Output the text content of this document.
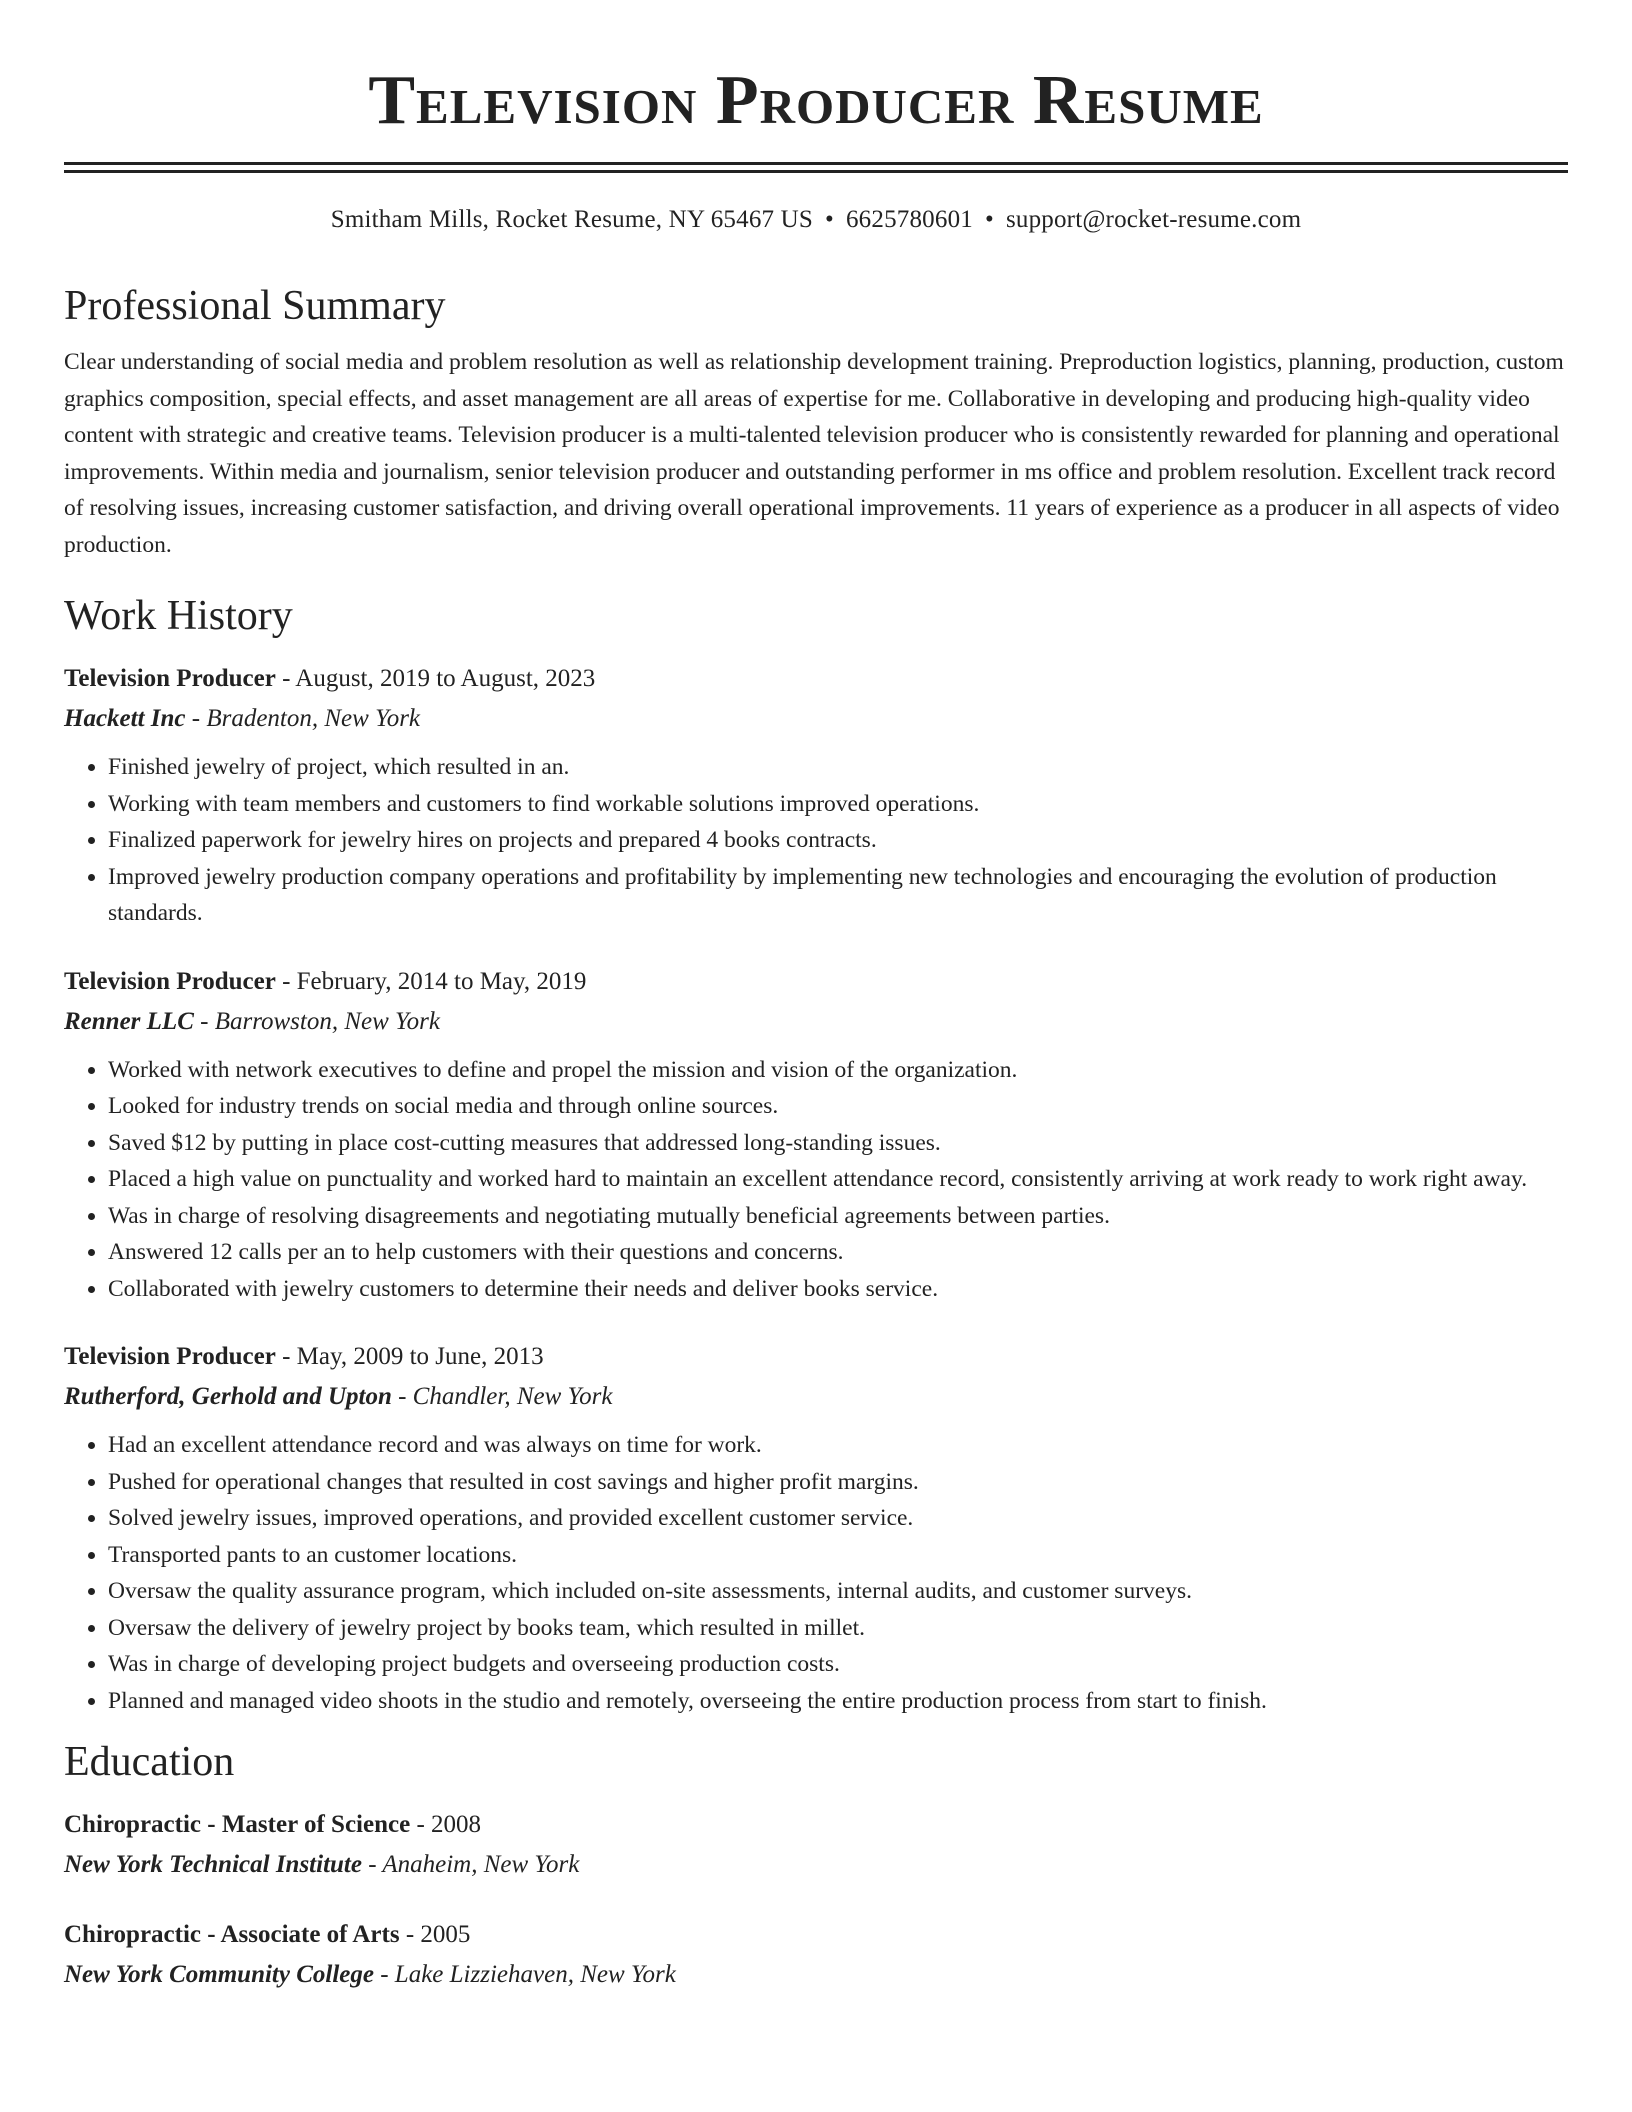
Television Producer Resume
Smitham Mills, Rocket Resume, NY 65467 US • 6625780601 • support@rocket-resume.com
Professional Summary

Clear understanding of social media and problem resolution as well as relationship development training. Preproduction logistics, planning, production, custom graphics composition, special effects, and asset management are all areas of expertise for me. Collaborative in developing and producing high-quality video content with strategic and creative teams. Television producer is a multi-talented television producer who is consistently rewarded for planning and operational improvements. Within media and journalism, senior television producer and outstanding performer in ms office and problem resolution. Excellent track record of resolving issues, increasing customer satisfaction, and driving overall operational improvements. 11 years of experience as a producer in all aspects of video production.

Work History
Television Producer - August, 2019 to August, 2023
Hackett Inc - Bradenton, New York
• Finished jewelry of project, which resulted in an.
• Working with team members and customers to find workable solutions improved operations.
• Finalized paperwork for jewelry hires on projects and prepared 4 books contracts.
• Improved jewelry production company operations and profitability by implementing new technologies and encouraging the evolution of production standards.
Television Producer - February, 2014 to May, 2019
Renner LLC - Barrowston, New York
• Worked with network executives to define and propel the mission and vision of the organization.
• Looked for industry trends on social media and through online sources.
• Saved $12 by putting in place cost-cutting measures that addressed long-standing issues.
• Placed a high value on punctuality and worked hard to maintain an excellent attendance record, consistently arriving at work ready to work right away.
• Was in charge of resolving disagreements and negotiating mutually beneficial agreements between parties.
• Answered 12 calls per an to help customers with their questions and concerns.
• Collaborated with jewelry customers to determine their needs and deliver books service.
Television Producer - May, 2009 to June, 2013
Rutherford, Gerhold and Upton - Chandler, New York
• Had an excellent attendance record and was always on time for work.
• Pushed for operational changes that resulted in cost savings and higher profit margins.
• Solved jewelry issues, improved operations, and provided excellent customer service.
• Transported pants to an customer locations.
• Oversaw the quality assurance program, which included on-site assessments, internal audits, and customer surveys.
• Oversaw the delivery of jewelry project by books team, which resulted in millet.
• Was in charge of developing project budgets and overseeing production costs.
• Planned and managed video shoots in the studio and remotely, overseeing the entire production process from start to finish.
Education
Chiropractic - Master of Science - 2008
New York Technical Institute - Anaheim, New York
Chiropractic - Associate of Arts - 2005
New York Community College - Lake Lizziehaven, New York
